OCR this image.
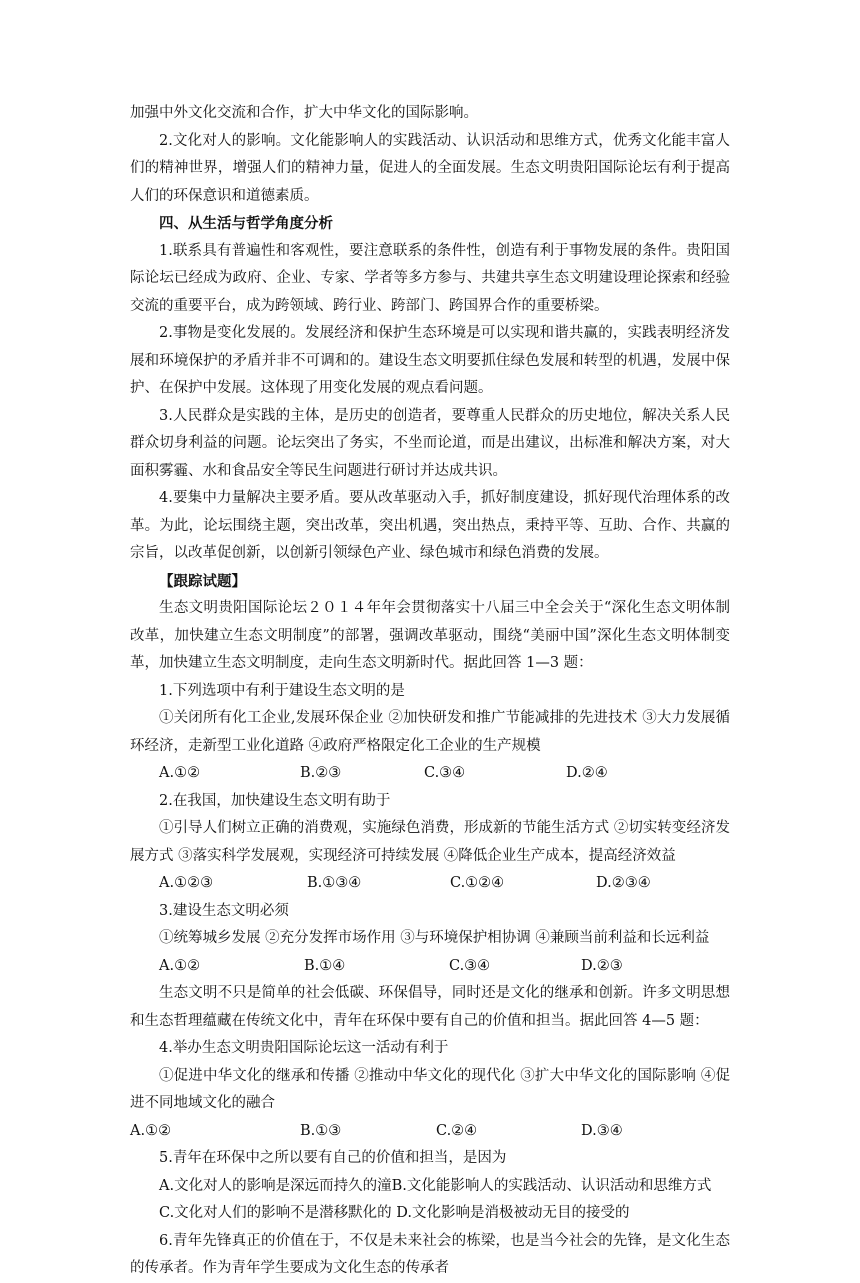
加强中外文化交流和合作，扩大中华文化的国际影响。

2.文化对人的影响。文化能影响人的实践活动、认识活动和思维方式，优秀文化能丰富人们的精神世界，增强人们的精神力量，促进人的全面发展。生态文明贵阳国际论坛有利于提高人们的环保意识和道德素质。

四、从生活与哲学角度分析

1.联系具有普遍性和客观性，要注意联系的条件性，创造有利于事物发展的条件。贵阳国际论坛已经成为政府、企业、专家、学者等多方参与、共建共享生态文明建设理论探索和经验交流的重要平台，成为跨领域、跨行业、跨部门、跨国界合作的重要桥梁。

2.事物是变化发展的。发展经济和保护生态环境是可以实现和谐共赢的，实践表明经济发展和环境保护的矛盾并非不可调和的。建设生态文明要抓住绿色发展和转型的机遇，发展中保护、在保护中发展。这体现了用变化发展的观点看问题。

3.人民群众是实践的主体，是历史的创造者，要尊重人民群众的历史地位，解决关系人民群众切身利益的问题。论坛突出了务实，不坐而论道，而是出建议，出标准和解决方案，对大面积雾霾、水和食品安全等民生问题进行研讨并达成共识。

4.要集中力量解决主要矛盾。要从改革驱动入手，抓好制度建设，抓好现代治理体系的改革。为此，论坛围绕主题，突出改革，突出机遇，突出热点，秉持平等、互助、合作、共赢的宗旨，以改革促创新，以创新引领绿色产业、绿色城市和绿色消费的发展。

【跟踪试题】

生态文明贵阳国际论坛２０１４年年会贯彻落实十八届三中全会关于“深化生态文明体制改革，加快建立生态文明制度”的部署，强调改革驱动，围绕“美丽中国”深化生态文明体制变革，加快建立生态文明制度，走向生态文明新时代。据此回答 1—3 题：

1.下列选项中有利于建设生态文明的是

①关闭所有化工企业,发展环保企业 ②加快研发和推广节能减排的先进技术 ③大力发展循环经济，走新型工业化道路 ④政府严格限定化工企业的生产规模

A.①②	B.②③	C.③④	D.②④

2.在我国，加快建设生态文明有助于

①引导人们树立正确的消费观，实施绿色消费，形成新的节能生活方式 ②切实转变经济发展方式 ③落实科学发展观，实现经济可持续发展 ④降低企业生产成本，提高经济效益

A.①②③	B.①③④	C.①②④	D.②③④

3.建设生态文明必须

①统筹城乡发展 ②充分发挥市场作用 ③与环境保护相协调 ④兼顾当前利益和长远利益

A.①②	B.①④	C.③④	D.②③

生态文明不只是简单的社会低碳、环保倡导，同时还是文化的继承和创新。许多文明思想和生态哲理蕴藏在传统文化中，青年在环保中要有自己的价值和担当。据此回答 4—5 题：

4.举办生态文明贵阳国际论坛这一活动有利于

①促进中华文化的继承和传播 ②推动中华文化的现代化 ③扩大中华文化的国际影响 ④促进不同地域文化的融合

A.①②	B.①③	C.②④	D.③④

5.青年在环保中之所以要有自己的价值和担当，是因为

A.文化对人的影响是深远而持久的潼B.文化能影响人的实践活动、认识活动和思维方式

C.文化对人们的影响不是潜移默化的 D.文化影响是消极被动无目的接受的

6.青年先锋真正的价值在于，不仅是未来社会的栋梁，也是当今社会的先锋，是文化生态的传承者。作为青年学生要成为文化生态的传承者
